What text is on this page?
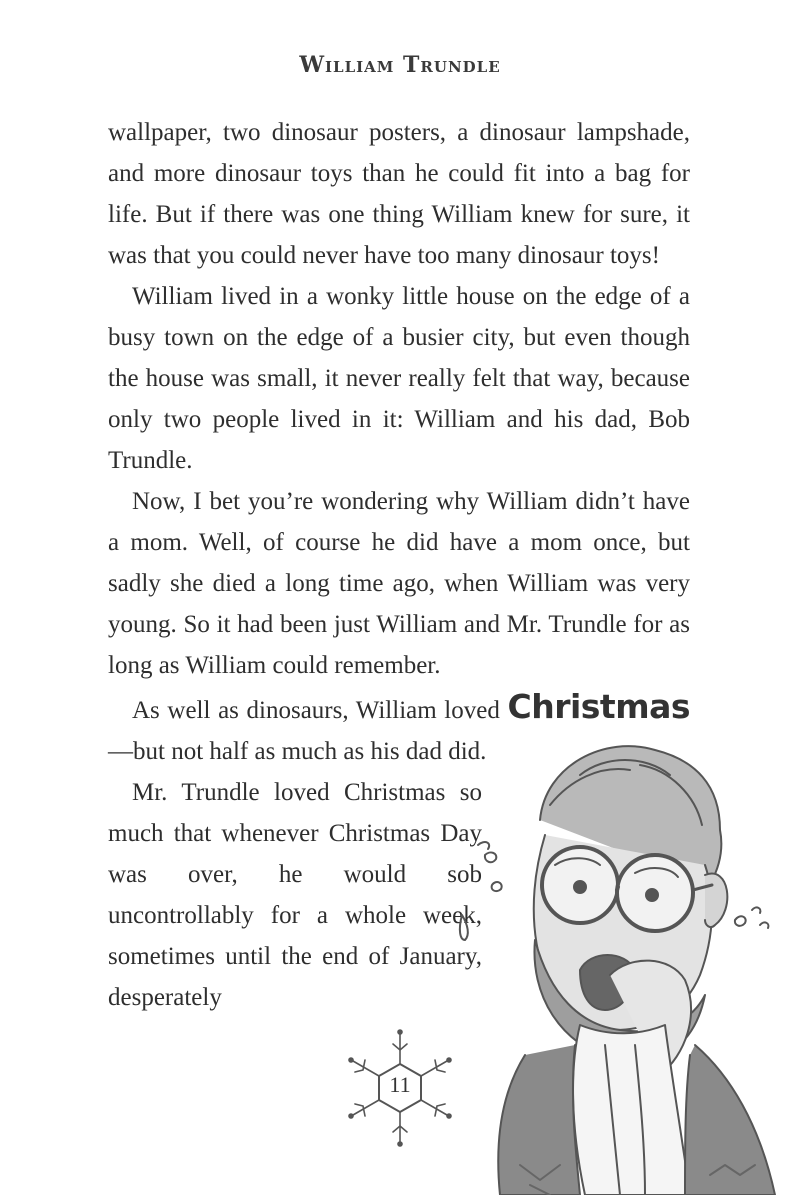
William Trundle

wallpaper, two dinosaur posters, a dinosaur lampshade, and more dinosaur toys than he could fit into a bag for life. But if there was one thing William knew for sure, it was that you could never have too many dinosaur toys!

William lived in a wonky little house on the edge of a busy town on the edge of a busier city, but even though the house was small, it never really felt that way, because only two people lived in it: William and his dad, Bob Trundle.

Now, I bet you’re wondering why William didn’t have a mom. Well, of course he did have a mom once, but sadly she died a long time ago, when William was very young. So it had been just William and Mr. Trundle for as long as William could remember.

As well as dinosaurs, William loved Christmas—but not half as much as his dad did.

Mr. Trundle loved Christmas so much that whenever Christmas Day was over, he would sob uncontrollably for a whole week, sometimes until the end of January, desperately

11
